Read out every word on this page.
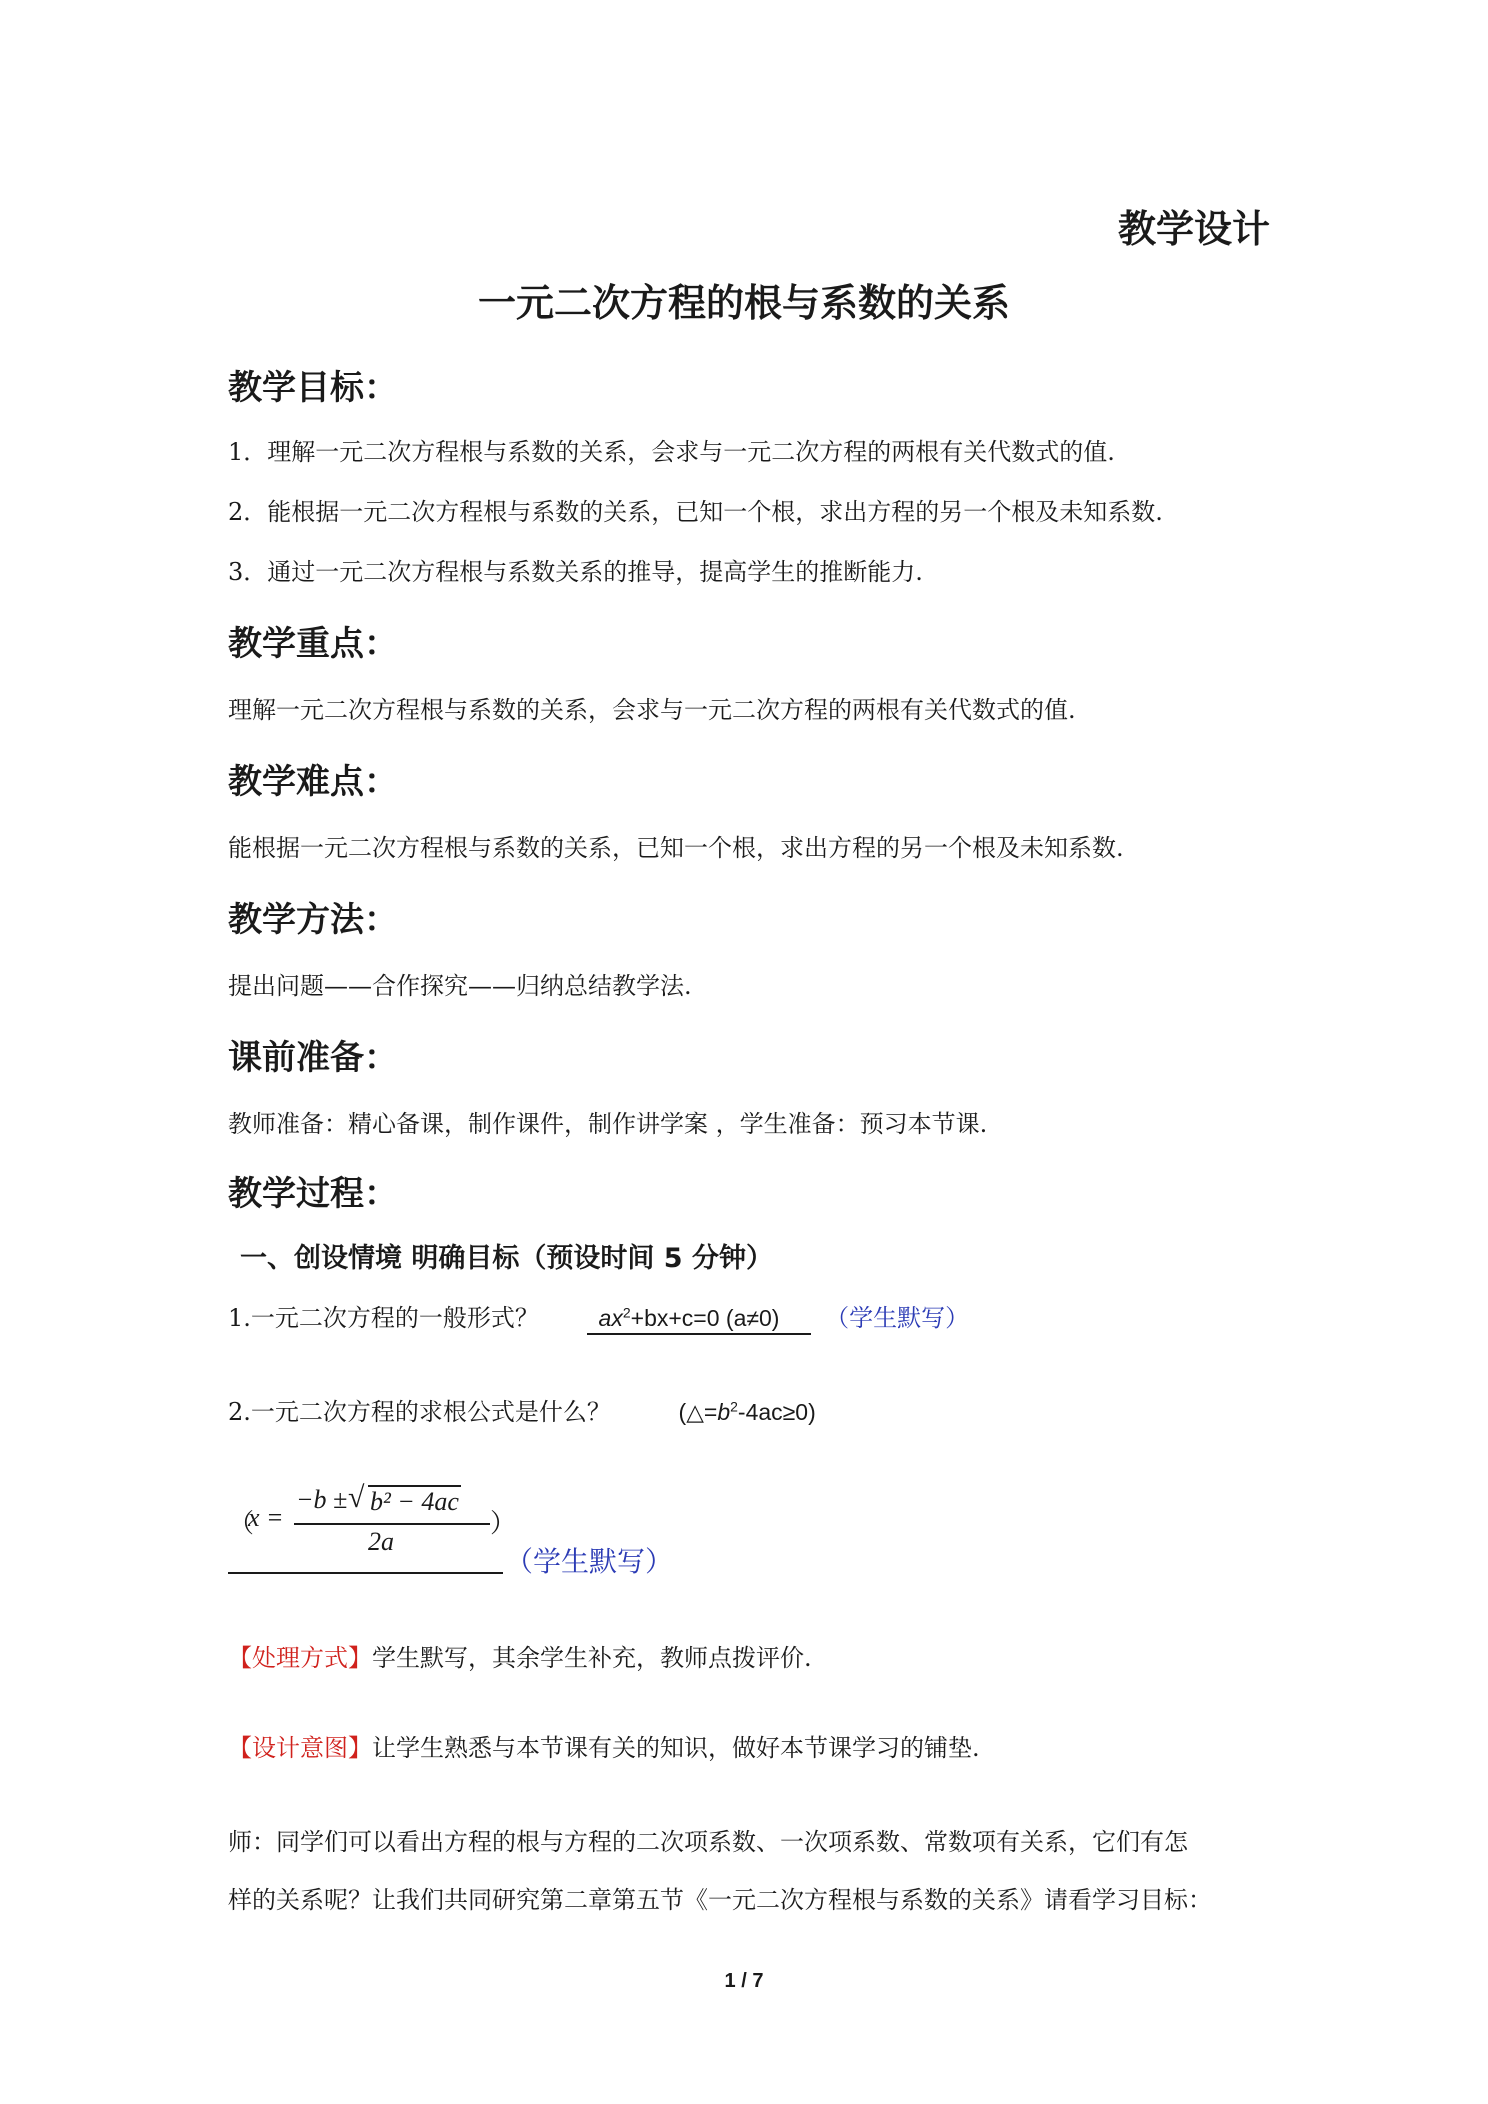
教学设计
一元二次方程的根与系数的关系
教学目标：
1．理解一元二次方程根与系数的关系，会求与一元二次方程的两根有关代数式的值.
2．能根据一元二次方程根与系数的关系，已知一个根，求出方程的另一个根及未知系数.
3．通过一元二次方程根与系数关系的推导，提高学生的推断能力.
教学重点：
理解一元二次方程根与系数的关系，会求与一元二次方程的两根有关代数式的值.
教学难点：
能根据一元二次方程根与系数的关系，已知一个根，求出方程的另一个根及未知系数.
教学方法：
提出问题——合作探究——归纳总结教学法.
课前准备：
教师准备：精心备课，制作课件，制作讲学案 ，学生准备：预习本节课.
教学过程：
一、创设情境 明确目标（预设时间 5 分钟）
1.一元二次方程的一般形式？	$ax^2+bx+c=0$ (a≠0) （学生默写）
2.一元二次方程的求根公式是什么？	$(\triangle=b^2-4ac\ge 0)$
（
x =
−b ± √ b² − 4ac
2a
）
（学生默写）
【处理方式】学生默写，其余学生补充，教师点拨评价.
【设计意图】让学生熟悉与本节课有关的知识，做好本节课学习的铺垫.
师：同学们可以看出方程的根与方程的二次项系数、一次项系数、常数项有关系，它们有怎
样的关系呢？让我们共同研究第二章第五节《一元二次方程根与系数的关系》请看学习目标：
1 / 7
